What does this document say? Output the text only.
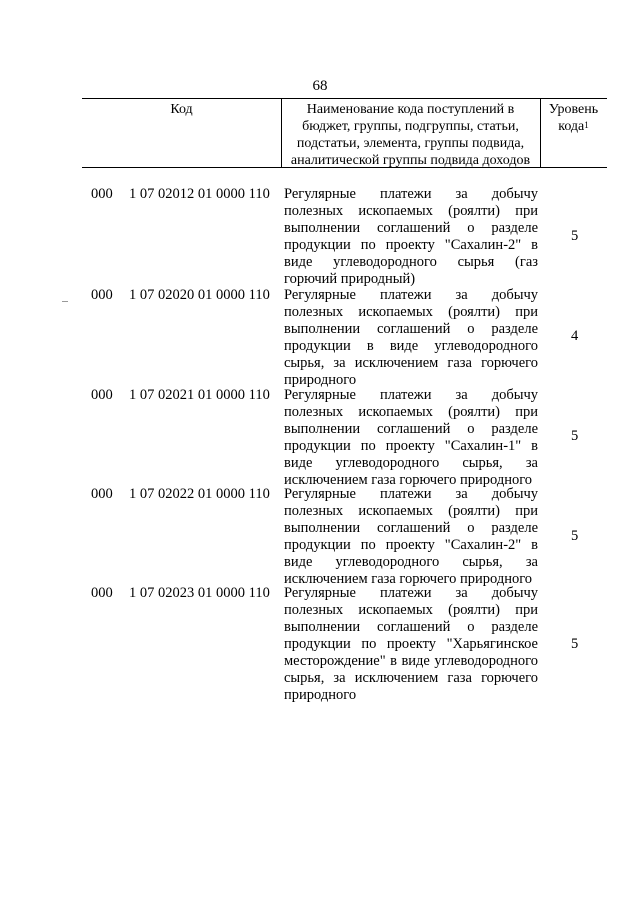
68
Код	Наименование кода поступлений в бюджет, группы, подгруппы, статьи, подстатьи, элемента, группы подвида, аналитической группы подвида доходов
Уровень
кода$^1$
000 1 07 02012 01 0000 110 Регулярные платежи за добычу полезных ископаемых (роялти) при выполнении соглашений о разделе продукции по проекту "Сахалин-2" в виде углеводородного сырья (газ горючий природный)
5
000 1 07 02020 01 0000 110 Регулярные платежи за добычу полезных ископаемых (роялти) при выполнении соглашений о разделе продукции в виде углеводородного сырья, за исключением газа горючего природного
4
000 1 07 02021 01 0000 110 Регулярные платежи за добычу полезных ископаемых (роялти) при выполнении соглашений о разделе продукции по проекту "Сахалин-1" в виде углеводородного сырья, за исключением газа горючего природного
5
000 1 07 02022 01 0000 110 Регулярные платежи за добычу полезных ископаемых (роялти) при выполнении соглашений о разделе продукции по проекту "Сахалин-2" в виде углеводородного сырья, за исключением газа горючего природного
5
000 1 07 02023 01 0000 110 Регулярные платежи за добычу полезных ископаемых (роялти) при выполнении соглашений о разделе продукции по проекту "Харьягинское месторождение" в виде углеводородного сырья, за исключением газа горючего природного
5
